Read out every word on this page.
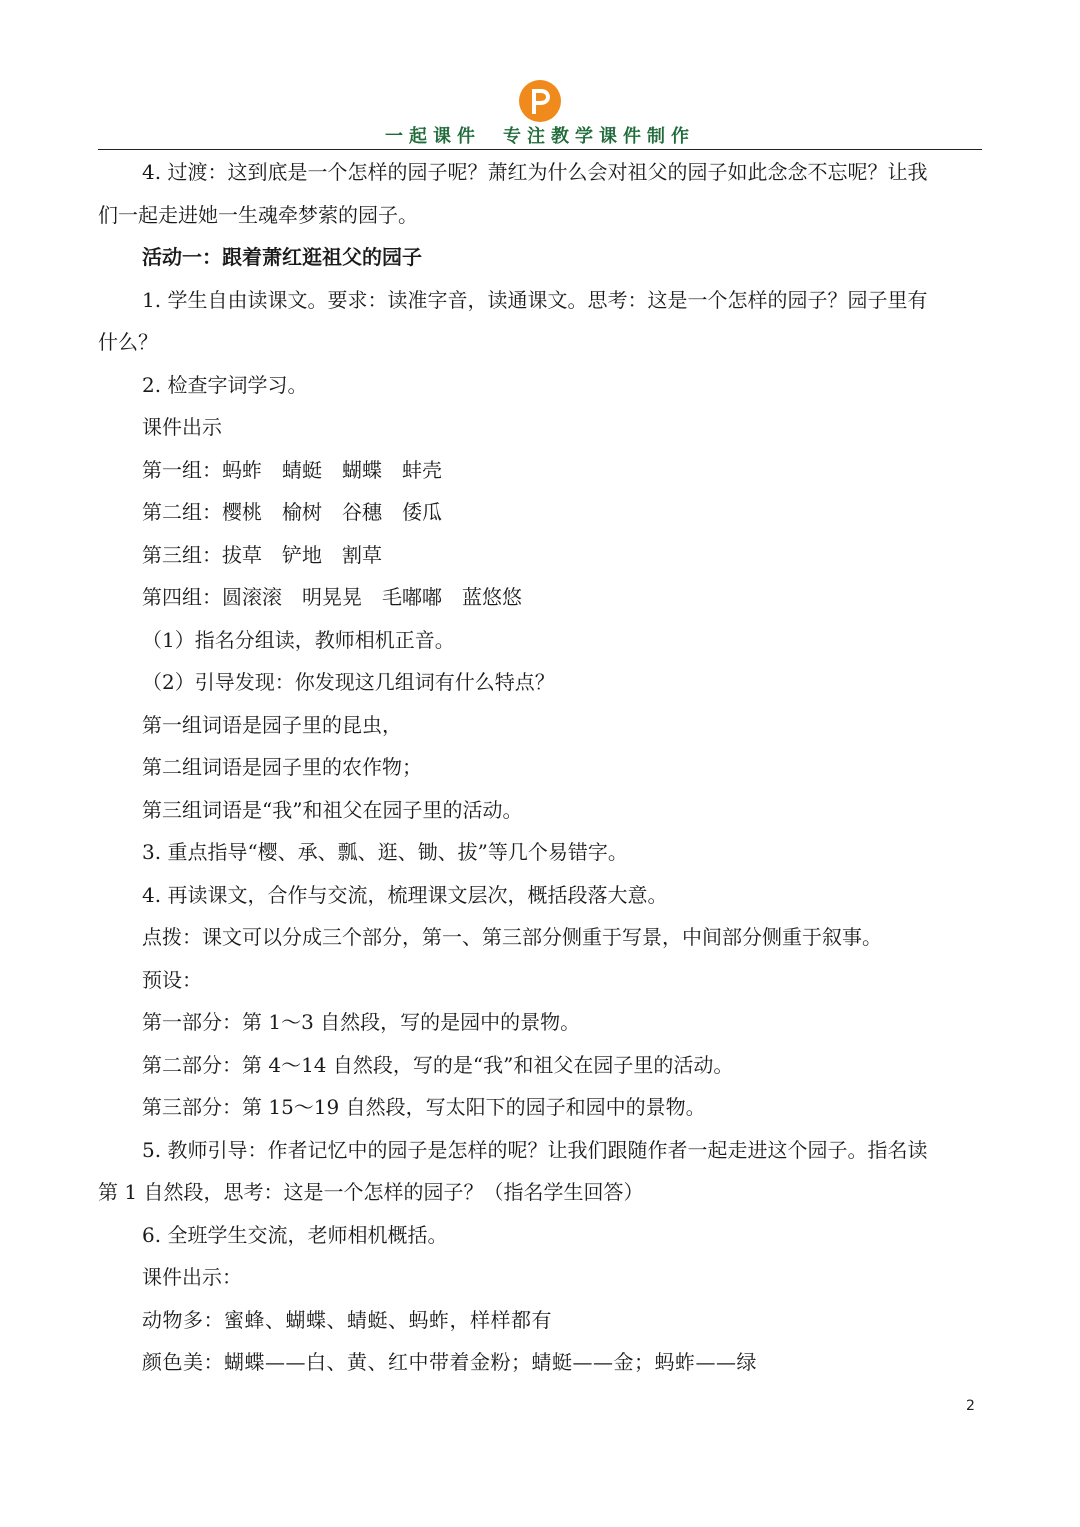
一起课件 专注教学课件制作
4. 过渡：这到底是一个怎样的园子呢？萧红为什么会对祖父的园子如此念念不忘呢？让我
们一起走进她一生魂牵梦萦的园子。
活动一：跟着萧红逛祖父的园子
1. 学生自由读课文。要求：读准字音，读通课文。思考：这是一个怎样的园子？园子里有
什么？
2. 检查字词学习。
课件出示
第一组：蚂蚱　蜻蜓　蝴蝶　蚌壳
第二组：樱桃　榆树　谷穗　倭瓜
第三组：拔草　铲地　割草
第四组：圆滚滚　明晃晃　毛嘟嘟　蓝悠悠
（1）指名分组读，教师相机正音。
（2）引导发现：你发现这几组词有什么特点？
第一组词语是园子里的昆虫，
第二组词语是园子里的农作物；
第三组词语是“我”和祖父在园子里的活动。
3. 重点指导“樱、承、瓢、逛、锄、拔”等几个易错字。
4. 再读课文，合作与交流，梳理课文层次，概括段落大意。
点拨：课文可以分成三个部分，第一、第三部分侧重于写景，中间部分侧重于叙事。
预设：
第一部分：第 1～3 自然段，写的是园中的景物。
第二部分：第 4～14 自然段，写的是“我”和祖父在园子里的活动。
第三部分：第 15～19 自然段，写太阳下的园子和园中的景物。
5. 教师引导：作者记忆中的园子是怎样的呢？让我们跟随作者一起走进这个园子。指名读
第 1 自然段，思考：这是一个怎样的园子？（指名学生回答）
6. 全班学生交流，老师相机概括。
课件出示：
动物多：蜜蜂、蝴蝶、蜻蜓、蚂蚱，样样都有
颜色美：蝴蝶——白、黄、红中带着金粉；蜻蜓——金；蚂蚱——绿
2
